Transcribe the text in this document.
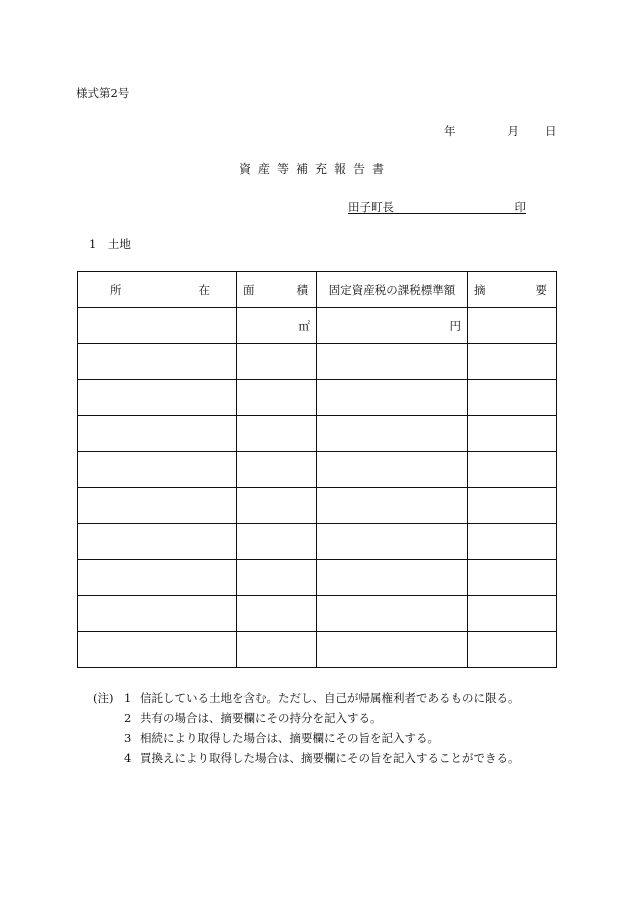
様式第2号
年	月 日
資産等補充報告書
田子町長	印
1　土地
所 在	面 積	固定資産税の課税標準額	摘 要

	㎡	円	

(注) 1 信託している土地を含む。ただし、自己が帰属権利者であるものに限る。
2 共有の場合は、摘要欄にその持分を記入する。
3 相続により取得した場合は、摘要欄にその旨を記入する。
4 買換えにより取得した場合は、摘要欄にその旨を記入することができる。
